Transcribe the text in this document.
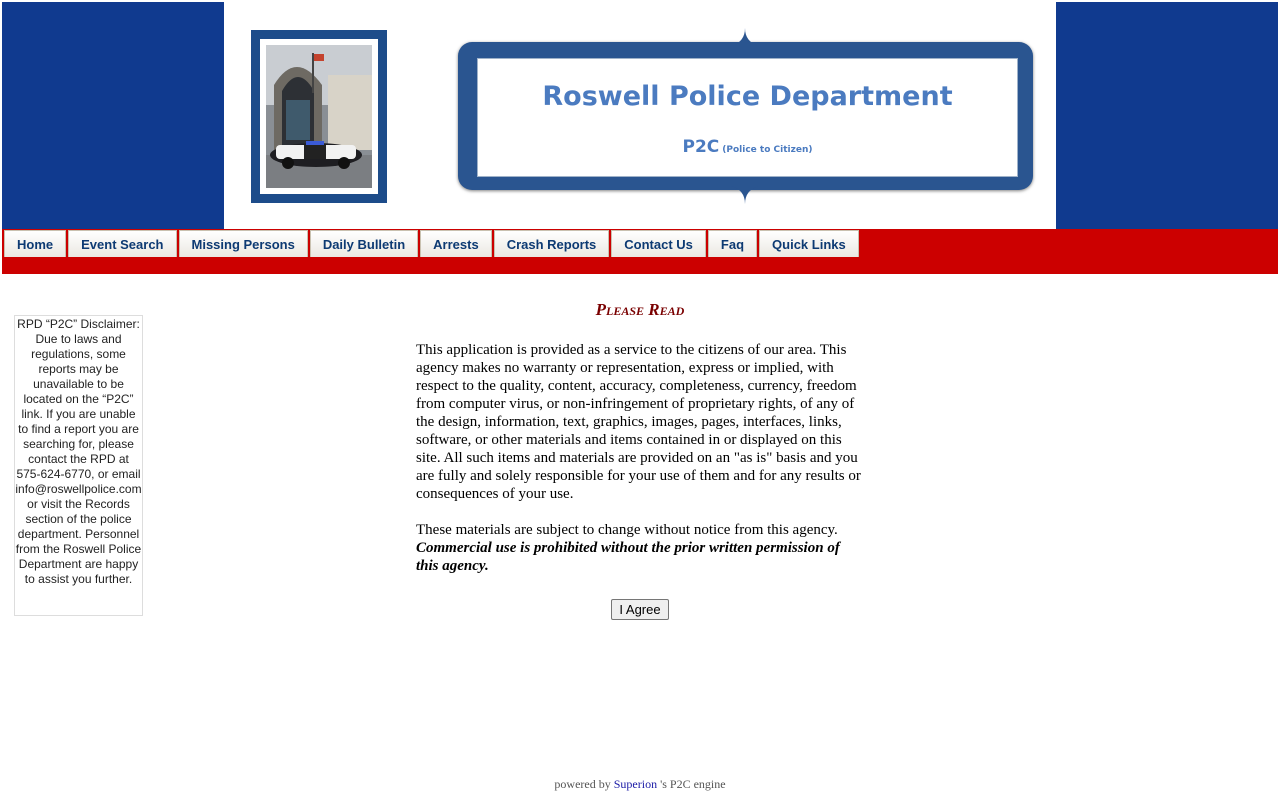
Roswell Police Department
P2C (Police to Citizen)
Home	Event Search	Missing Persons	Daily Bulletin	Arrests	Crash Reports	Contact Us	Faq	Quick Links
RPD “P2C” Disclaimer: Due to laws and regulations, some reports may be unavailable to be located on the “P2C” link. If you are unable to find a report you are searching for, please contact the RPD at 575-624-6770, or email info@roswellpolice.com or visit the Records section of the police department. Personnel from the Roswell Police Department are happy to assist you further.
Please Read
This application is provided as a service to the citizens of our area. This agency makes no warranty or representation, express or implied, with respect to the quality, content, accuracy, completeness, currency, freedom from computer virus, or non-infringement of proprietary rights, of any of the design, information, text, graphics, images, pages, interfaces, links, software, or other materials and items contained in or displayed on this site. All such items and materials are provided on an "as is" basis and you are fully and solely responsible for your use of them and for any results or consequences of your use.
These materials are subject to change without notice from this agency. Commercial use is prohibited without the prior written permission of this agency.
I Agree
powered by Superion 's P2C engine
